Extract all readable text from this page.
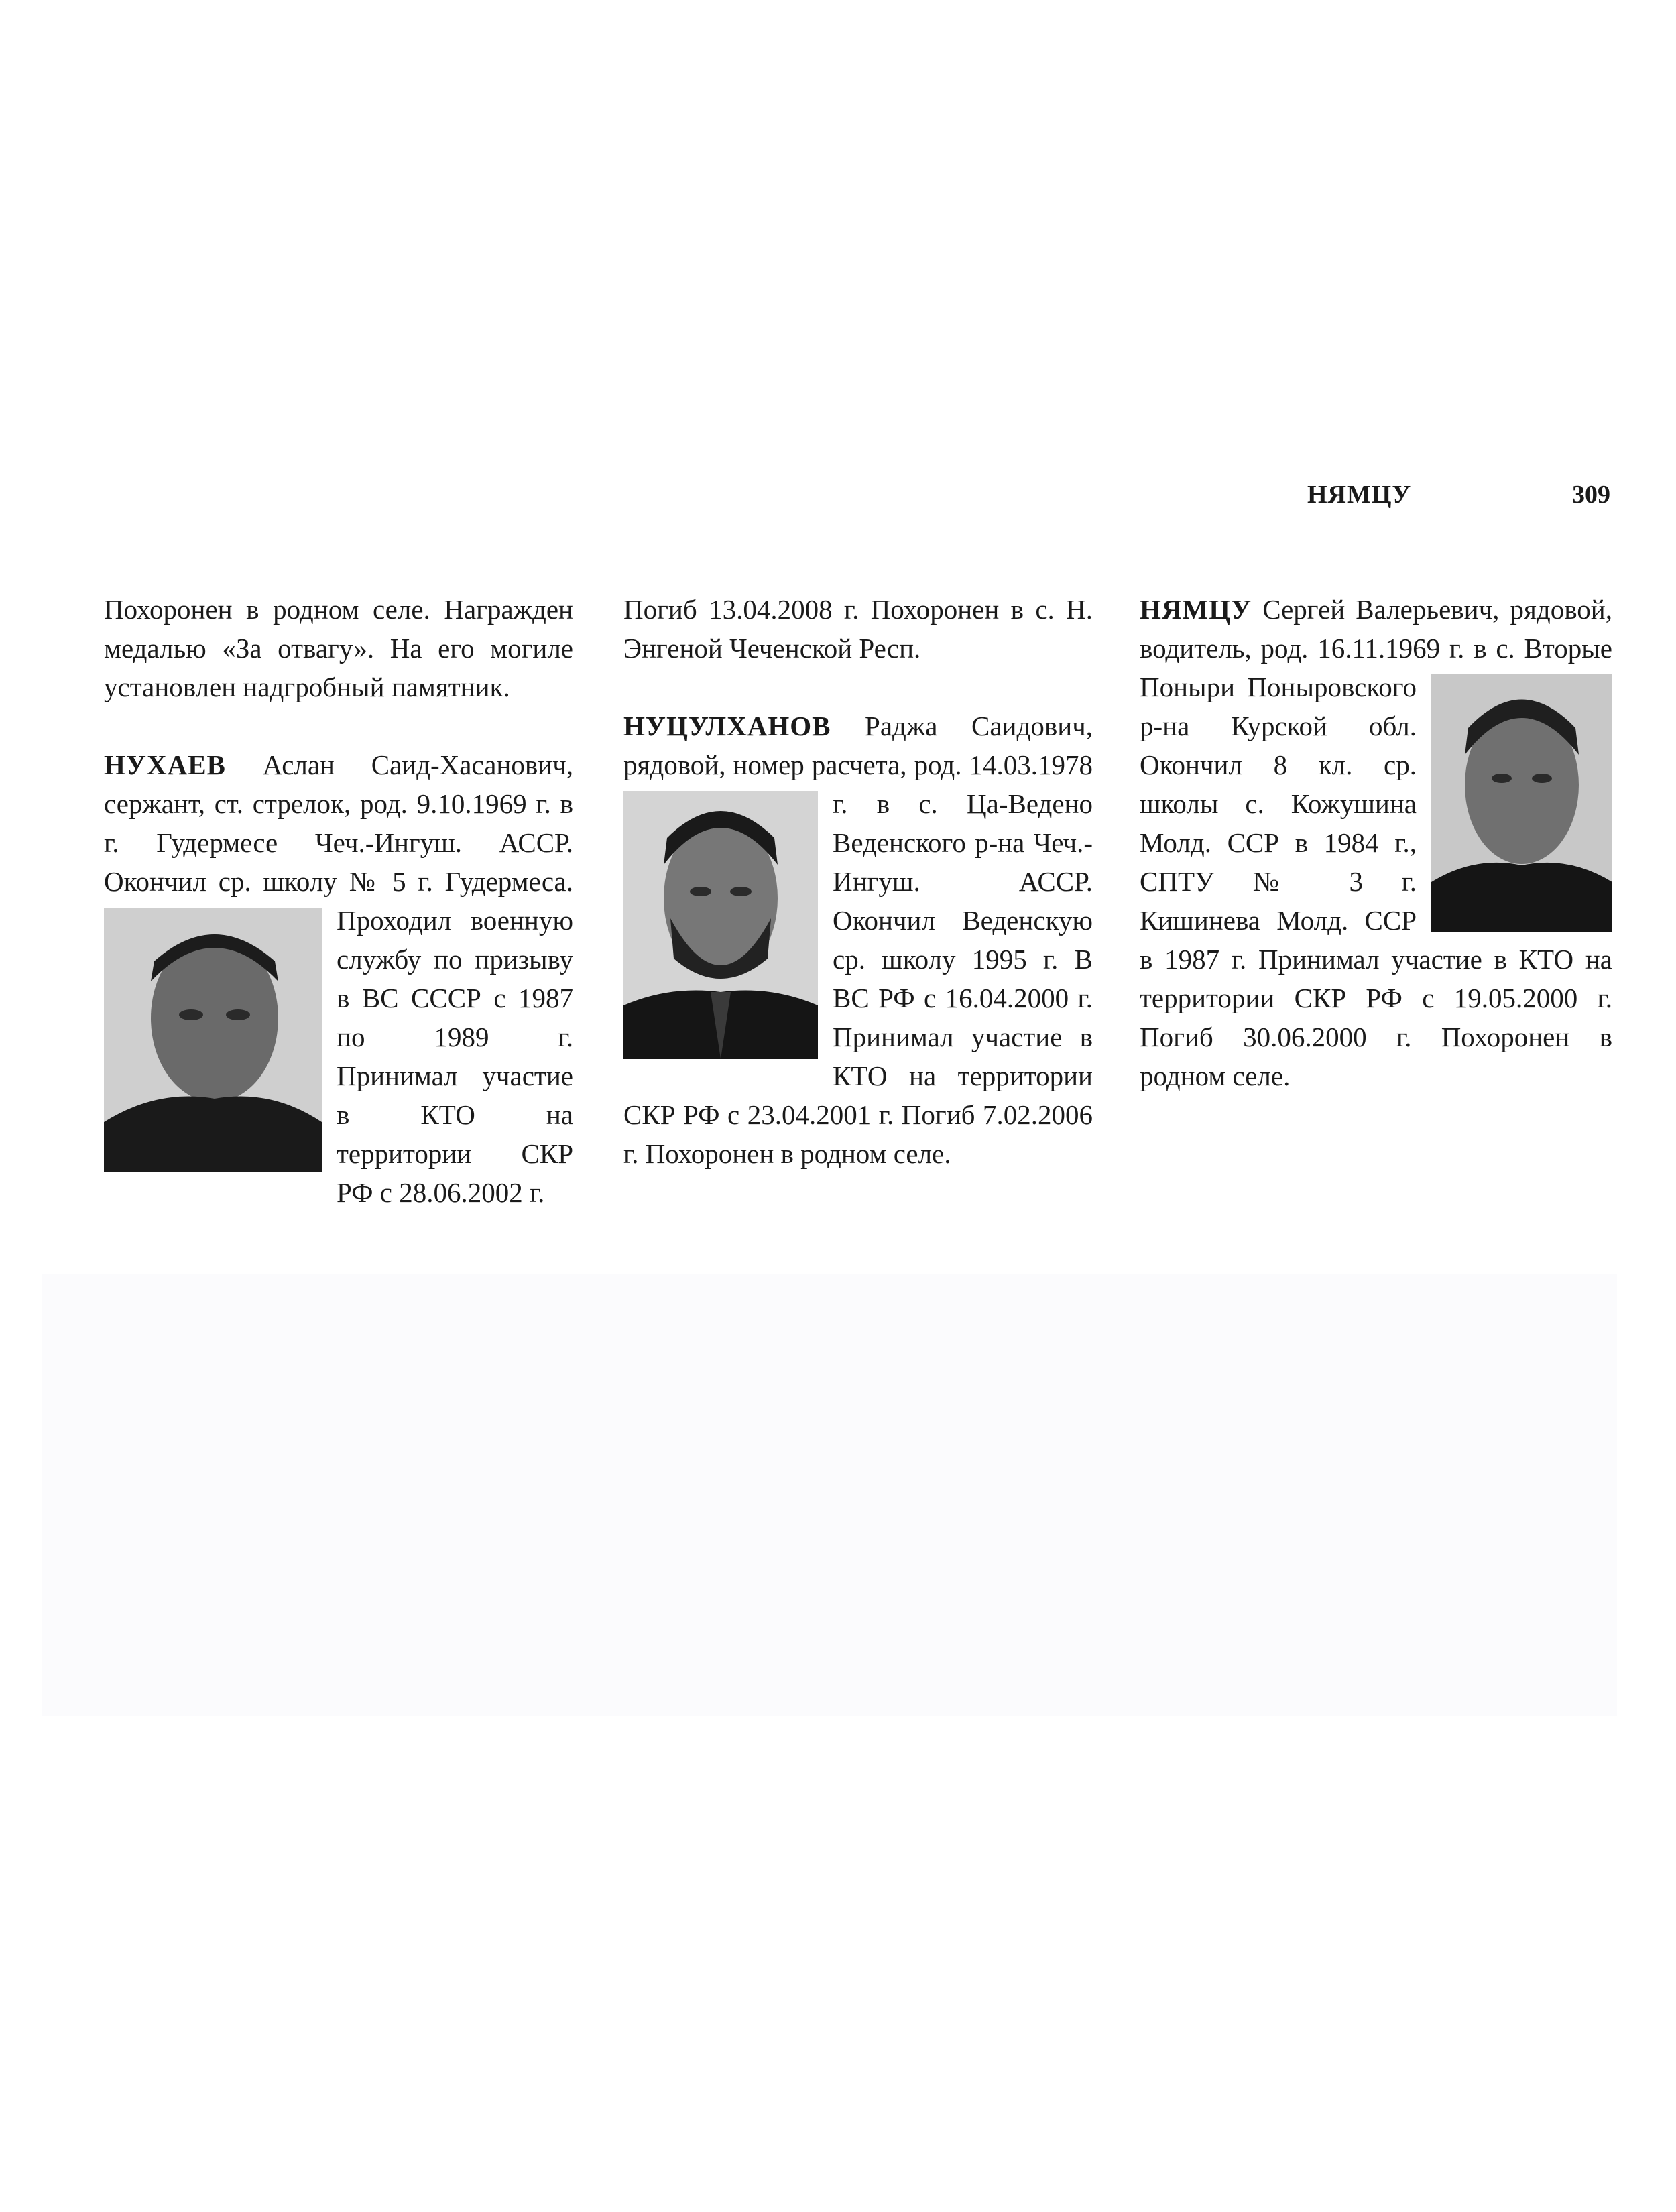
НЯМЦУ	309

Похоронен в родном селе. Награжден медалью «За отвагу». На его могиле установлен надгробный памятник.

НУХАЕВ Аслан Саид-Хасанович, сержант, ст. стрелок, род. 9.10.1969 г. в г. Гудермесе Чеч.-Ингуш. АССР. Окончил ср. школу № 5 г. Гудермеса.
Проходил военную службу по призыву в ВС СССР с 1987 по 1989 г. Принимал участие в КТО на территории СКР РФ с 28.06.2002 г.

Погиб 13.04.2008 г. Похоронен в с. Н. Энгеной Чеченской Респ.

НУЦУЛХАНОВ Раджа Саидович, рядовой, номер расчета, род. 14.03.1978 г. в с. Ца-Ведено Веденского р-на Чеч.-Ингуш. АССР. Окончил Веденскую ср. школу 1995 г. В ВС РФ с 16.04.2000 г. Принимал участие в КТО на территории СКР РФ с 23.04.2001 г. Погиб 7.02.2006 г. Похоронен в родном селе.

НЯМЦУ Сергей Валерьевич, рядовой, водитель, род. 16.11.1969 г. в с. Вторые Поныри Поныровского р-на Курской обл. Окончил 8 кл. ср. школы с. Кожушина Молд. ССР в 1984 г., СПТУ № 3 г. Кишинева Молд. ССР в 1987 г. Принимал участие в КТО на территории СКР РФ с 19.05.2000 г. Погиб 30.06.2000 г. Похоронен в родном селе.
